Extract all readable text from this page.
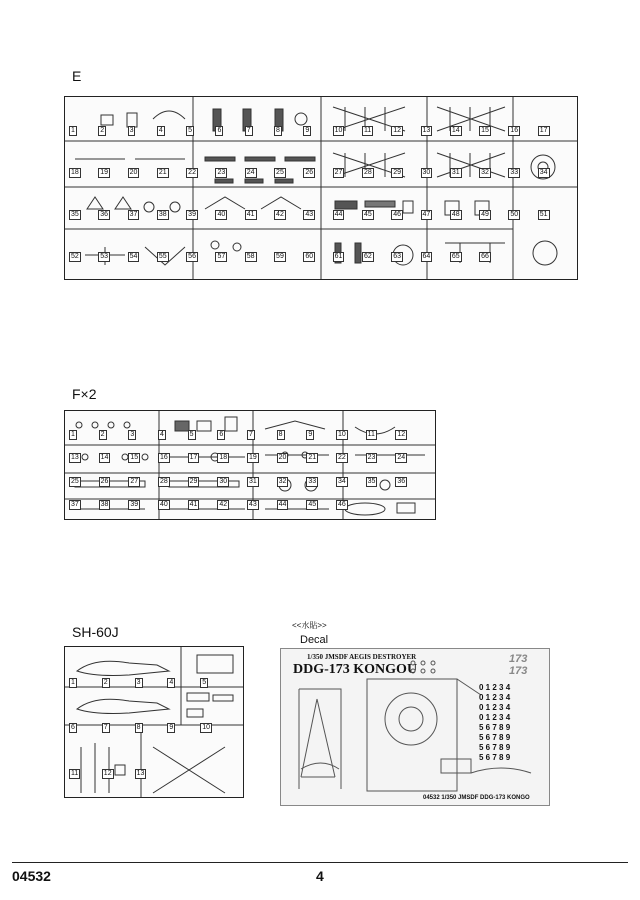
E
1	2	3	4	5	6	7	8	9	10	11	12	13	14	15	16	17
18	19	20	21	22	23	24	25	26	27	28	29	30	31	32	33	34
35	36	37	38	39	40	41	42	43	44	45	46	47	48	49	50	51
52	53	54	55	56	57	58	59	60	61	62	63	64	65	66
F×2
1	2	3	4	5	6	7	8	9	10	11	12
13	14	15	16	17	18	19	20	21	22	23	24
25	26	27	28	29	30	31	32	33	34	35	36
37	38	39	40	41	42	43	44	45	46
SH-60J
1	2	3	4	5
6	7	8	9	10
11	12	13
<<水貼>>
Decal
1/350 JMSDF AEGIS DESTROYER
DDG-173 KONGOU
173
173
0 1 2 3 4
0 1 2 3 4
0 1 2 3 4
0 1 2 3 4
5 6 7 8 9
5 6 7 8 9
5 6 7 8 9
5 6 7 8 9
04532 1/350 JMSDF DDG-173 KONGO
04532	4
